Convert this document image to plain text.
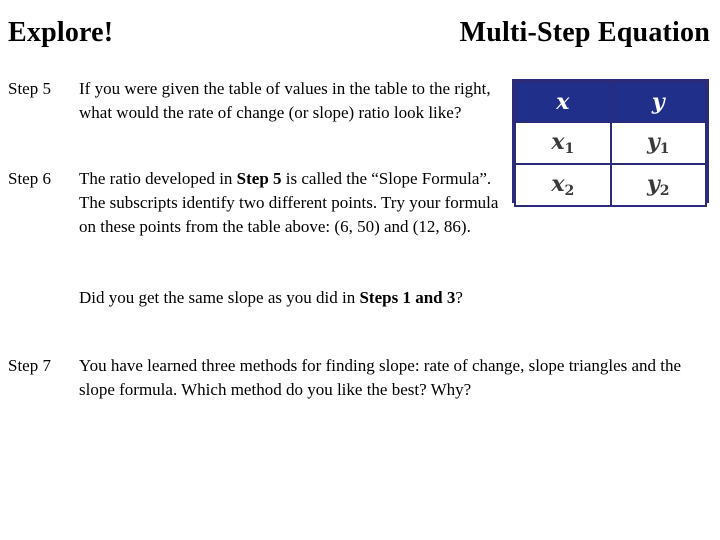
Explore!	Multi-Step Equation
Step 5 If you were given the table of values in the table to the right, what would the rate of change (or slope) ratio look like?
Step 6 The ratio developed in Step 5 is called the “Slope Formula”. The subscripts identify two different points. Try your formula on these points from the table above: (6, 50) and (12, 86).
Did you get the same slope as you did in Steps 1 and 3?
Step 7 You have learned three methods for finding slope: rate of change, slope triangles and the slope formula. Which method do you like the best? Why?
x	y
$x_1$	$y_1$
$x_2$	$y_2$
